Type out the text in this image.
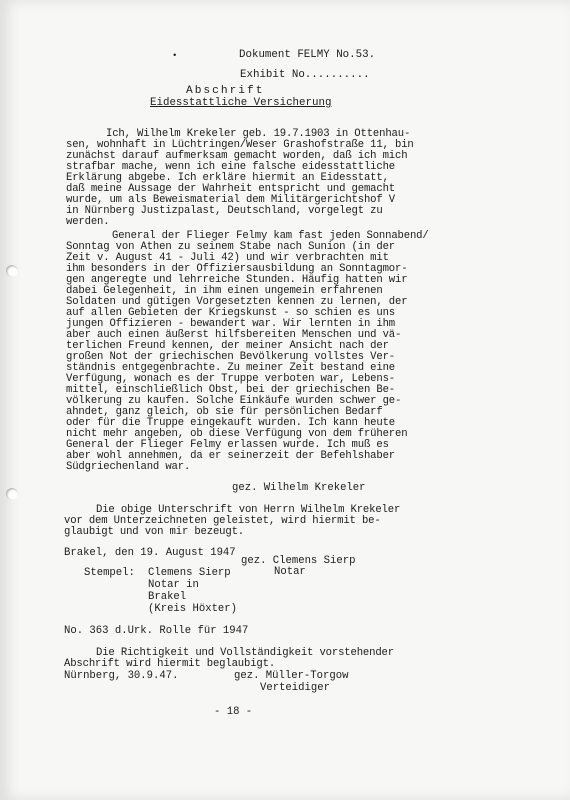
•	Dokument FELMY No.53.
Exhibit No..........
Abschrift
Eidesstattliche Versicherung
Ich, Wilhelm Krekeler geb. 19.7.1903 in Ottenhau-
sen, wohnhaft in Lüchtringen/Weser Grashofstraße 11, bin
zunächst darauf aufmerksam gemacht worden, daß ich mich
strafbar mache, wenn ich eine falsche eidesstattliche
Erklärung abgebe. Ich erkläre hiermit an Eidesstatt,
daß meine Aussage der Wahrheit entspricht und gemacht
wurde, um als Beweismaterial dem Militärgerichtshof V
in Nürnberg Justizpalast, Deutschland, vorgelegt zu
werden.
General der Flieger Felmy kam fast jeden Sonnabend/
Sonntag von Athen zu seinem Stabe nach Sunion (in der
Zeit v. August 41 - Juli 42) und wir verbrachten mit
ihm besonders in der Offiziersausbildung an Sonntagmor-
gen angeregte und lehrreiche Stunden. Häufig hatten wir
dabei Gelegenheit, in ihm einen ungemein erfahrenen
Soldaten und gütigen Vorgesetzten kennen zu lernen, der
auf allen Gebieten der Kriegskunst - so schien es uns
jungen Offizieren - bewandert war. Wir lernten in ihm
aber auch einen äußerst hilfsbereiten Menschen und vä-
terlichen Freund kennen, der meiner Ansicht nach der
großen Not der griechischen Bevölkerung vollstes Ver-
ständnis entgegenbrachte. Zu meiner Zeit bestand eine
Verfügung, wonach es der Truppe verboten war, Lebens-
mittel, einschließlich Obst, bei der griechischen Be-
völkerung zu kaufen. Solche Einkäufe wurden schwer ge-
ahndet, ganz gleich, ob sie für persönlichen Bedarf
oder für die Truppe eingekauft wurden. Ich kann heute
nicht mehr angeben, ob diese Verfügung von dem früheren
General der Flieger Felmy erlassen wurde. Ich muß es
aber wohl annehmen, da er seinerzeit der Befehlshaber
Südgriechenland war.
gez. Wilhelm Krekeler
Die obige Unterschrift von Herrn Wilhelm Krekeler
vor dem Unterzeichneten geleistet, wird hiermit be-
glaubigt und von mir bezeugt.
Brakel, den 19. August 1947
gez. Clemens Sierp
Notar
Stempel: Clemens Sierp
Notar in
Brakel
(Kreis Höxter)
No. 363 d.Urk. Rolle für 1947
Die Richtigkeit und Vollständigkeit vorstehender
Abschrift wird hiermit beglaubigt.
Nürnberg, 30.9.47.	gez. Müller-Torgow
Verteidiger
- 18 -
